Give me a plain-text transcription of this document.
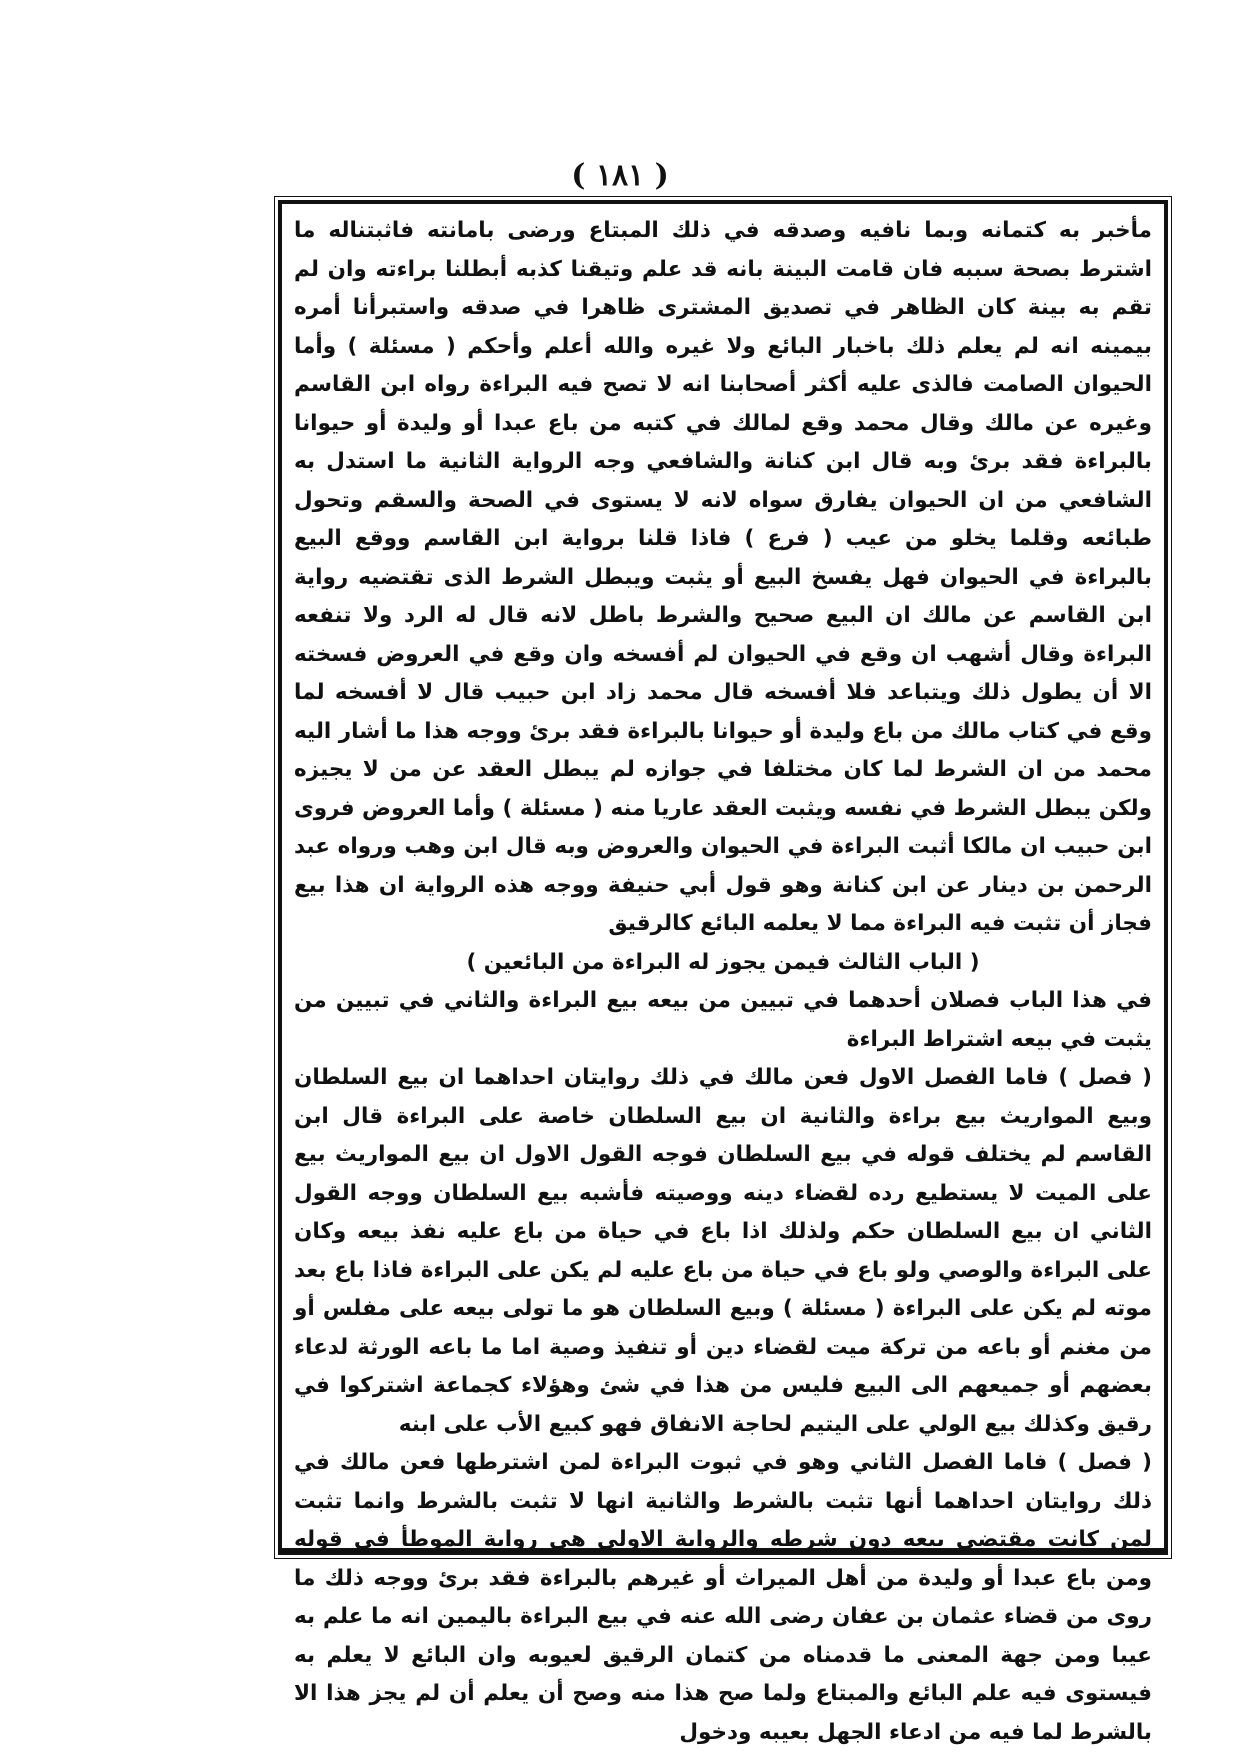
( ١٨١ )

مأخبر به كتمانه وبما نافيه وصدقه في ذلك المبتاع ورضى بامانته فاثبتناله ما اشترط بصحة سببه فان قامت البينة بانه قد علم وتيقنا كذبه أبطلنا براءته وان لم تقم به بينة كان الظاهر في تصديق المشترى ظاهرا في صدقه واستبرأنا أمره بيمينه انه لم يعلم ذلك باخبار البائع ولا غيره والله أعلم وأحكم ( مسئلة ) وأما الحيوان الصامت فالذى عليه أكثر أصحابنا انه لا تصح فيه البراءة رواه ابن القاسم وغيره عن مالك وقال محمد وقع لمالك في كتبه من باع عبدا أو وليدة أو حيوانا بالبراءة فقد برئ وبه قال ابن كنانة والشافعي وجه الرواية الثانية ما استدل به الشافعي من ان الحيوان يفارق سواه لانه لا يستوى في الصحة والسقم وتحول طبائعه وقلما يخلو من عيب ( فرع ) فاذا قلنا برواية ابن القاسم ووقع البيع بالبراءة في الحيوان فهل يفسخ البيع أو يثبت ويبطل الشرط الذى تقتضيه رواية ابن القاسم عن مالك ان البيع صحيح والشرط باطل لانه قال له الرد ولا تنفعه البراءة وقال أشهب ان وقع في الحيوان لم أفسخه وان وقع في العروض فسخته الا أن يطول ذلك ويتباعد فلا أفسخه قال محمد زاد ابن حبيب قال لا أفسخه لما وقع في كتاب مالك من باع وليدة أو حيوانا بالبراءة فقد برئ ووجه هذا ما أشار اليه محمد من ان الشرط لما كان مختلفا في جوازه لم يبطل العقد عن من لا يجيزه ولكن يبطل الشرط في نفسه ويثبت العقد عاريا منه ( مسئلة ) وأما العروض فروى ابن حبيب ان مالكا أثبت البراءة في الحيوان والعروض وبه قال ابن وهب ورواه عبد الرحمن بن دينار عن ابن كنانة وهو قول أبي حنيفة ووجه هذه الرواية ان هذا بيع فجاز أن تثبت فيه البراءة مما لا يعلمه البائع كالرقيق

( الباب الثالث فيمن يجوز له البراءة من البائعين )

في هذا الباب فصلان أحدهما في تبيين من بيعه بيع البراءة والثاني في تبيين من يثبت في بيعه اشتراط البراءة

( فصل ) فاما الفصل الاول فعن مالك في ذلك روايتان احداهما ان بيع السلطان وبيع المواريث بيع براءة والثانية ان بيع السلطان خاصة على البراءة قال ابن القاسم لم يختلف قوله في بيع السلطان فوجه القول الاول ان بيع المواريث بيع على الميت لا يستطيع رده لقضاء دينه ووصيته فأشبه بيع السلطان ووجه القول الثاني ان بيع السلطان حكم ولذلك اذا باع في حياة من باع عليه نفذ بيعه وكان على البراءة والوصي ولو باع في حياة من باع عليه لم يكن على البراءة فاذا باع بعد موته لم يكن على البراءة ( مسئلة ) وبيع السلطان هو ما تولى بيعه على مفلس أو من مغنم أو باعه من تركة ميت لقضاء دين أو تنفيذ وصية اما ما باعه الورثة لدعاء بعضهم أو جميعهم الى البيع فليس من هذا في شئ وهؤلاء كجماعة اشتركوا في رقيق وكذلك بيع الولي على اليتيم لحاجة الانفاق فهو كبيع الأب على ابنه

( فصل ) فاما الفصل الثاني وهو في ثبوت البراءة لمن اشترطها فعن مالك في ذلك روايتان احداهما أنها تثبت بالشرط والثانية انها لا تثبت بالشرط وانما تثبت لمن كانت مقتضى بيعه دون شرطه والرواية الاولى هي رواية الموطأ في قوله ومن باع عبدا أو وليدة من أهل الميراث أو غيرهم بالبراءة فقد برئ ووجه ذلك ما روى من قضاء عثمان بن عفان رضى الله عنه في بيع البراءة باليمين انه ما علم به عيبا ومن جهة المعنى ما قدمناه من كتمان الرقيق لعيوبه وان البائع لا يعلم به فيستوى فيه علم البائع والمبتاع ولما صح هذا منه وصح أن يعلم أن لم يجز هذا الا بالشرط لما فيه من ادعاء الجهل بعيبه ودخول
